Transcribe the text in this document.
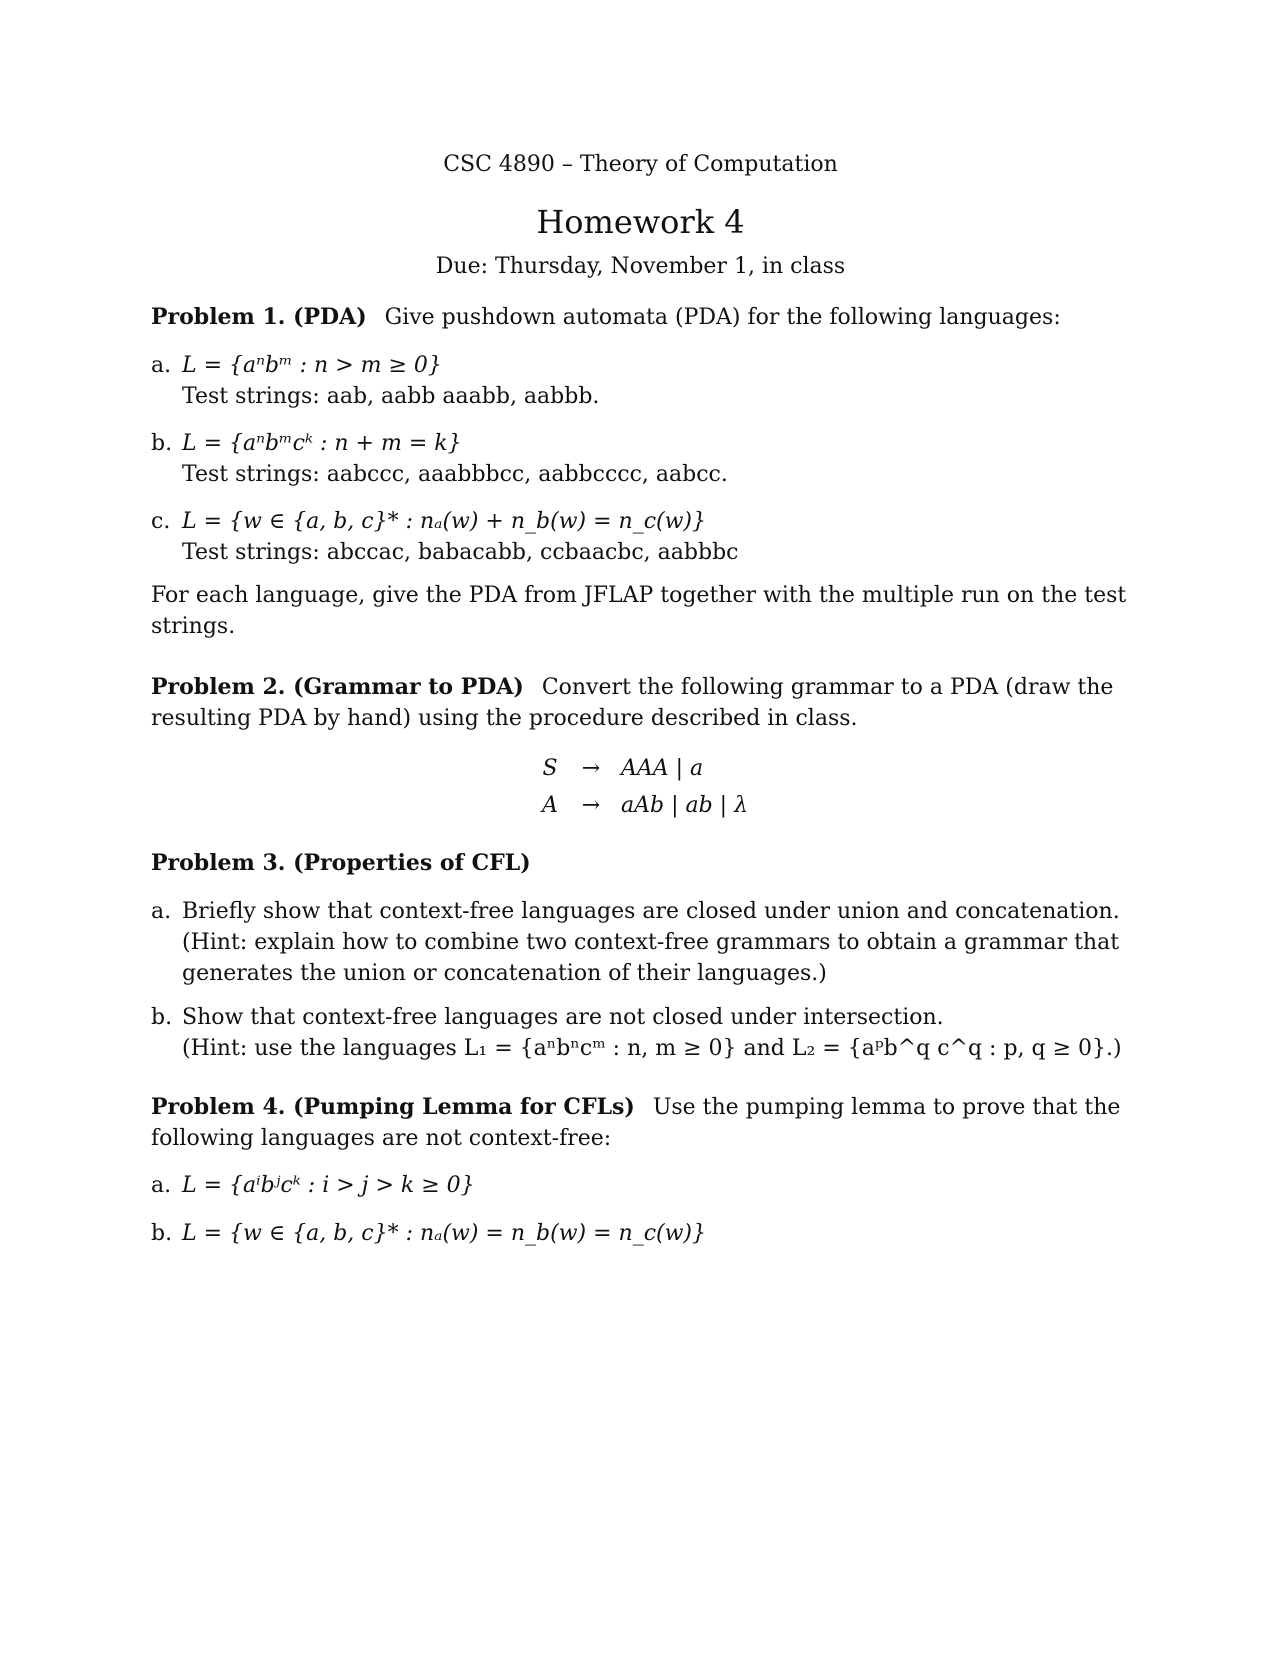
CSC 4890 – Theory of Computation
Homework 4
Due: Thursday, November 1, in class
Problem 1. (PDA) Give pushdown automata (PDA) for the following languages:
a. L = {aⁿbᵐ : n > m ≥ 0}
Test strings: aab, aabb aaabb, aabbb.
b. L = {aⁿbᵐcᵏ : n + m = k}
Test strings: aabccc, aaabbbcc, aabbcccc, aabcc.
c. L = {w ∈ {a, b, c}* : nₐ(w) + n_b(w) = n_c(w)}
Test strings: abccac, babacabb, ccbaacbc, aabbbc
For each language, give the PDA from JFLAP together with the multiple run on the test strings.
Problem 2. (Grammar to PDA) Convert the following grammar to a PDA (draw the resulting PDA by hand) using the procedure described in class.
S	→ AAA | a
A	→ aAb | ab | λ
Problem 3. (Properties of CFL)
a. Briefly show that context-free languages are closed under union and concatenation. (Hint: explain how to combine two context-free grammars to obtain a grammar that generates the union or concatenation of their languages.)
b. Show that context-free languages are not closed under intersection.
(Hint: use the languages L₁ = {aⁿbⁿcᵐ : n, m ≥ 0} and L₂ = {aᵖb^q c^q : p, q ≥ 0}.)
Problem 4. (Pumping Lemma for CFLs) Use the pumping lemma to prove that the following languages are not context-free:
a. L = {aⁱbʲcᵏ : i > j > k ≥ 0}
b. L = {w ∈ {a, b, c}* : nₐ(w) = n_b(w) = n_c(w)}
